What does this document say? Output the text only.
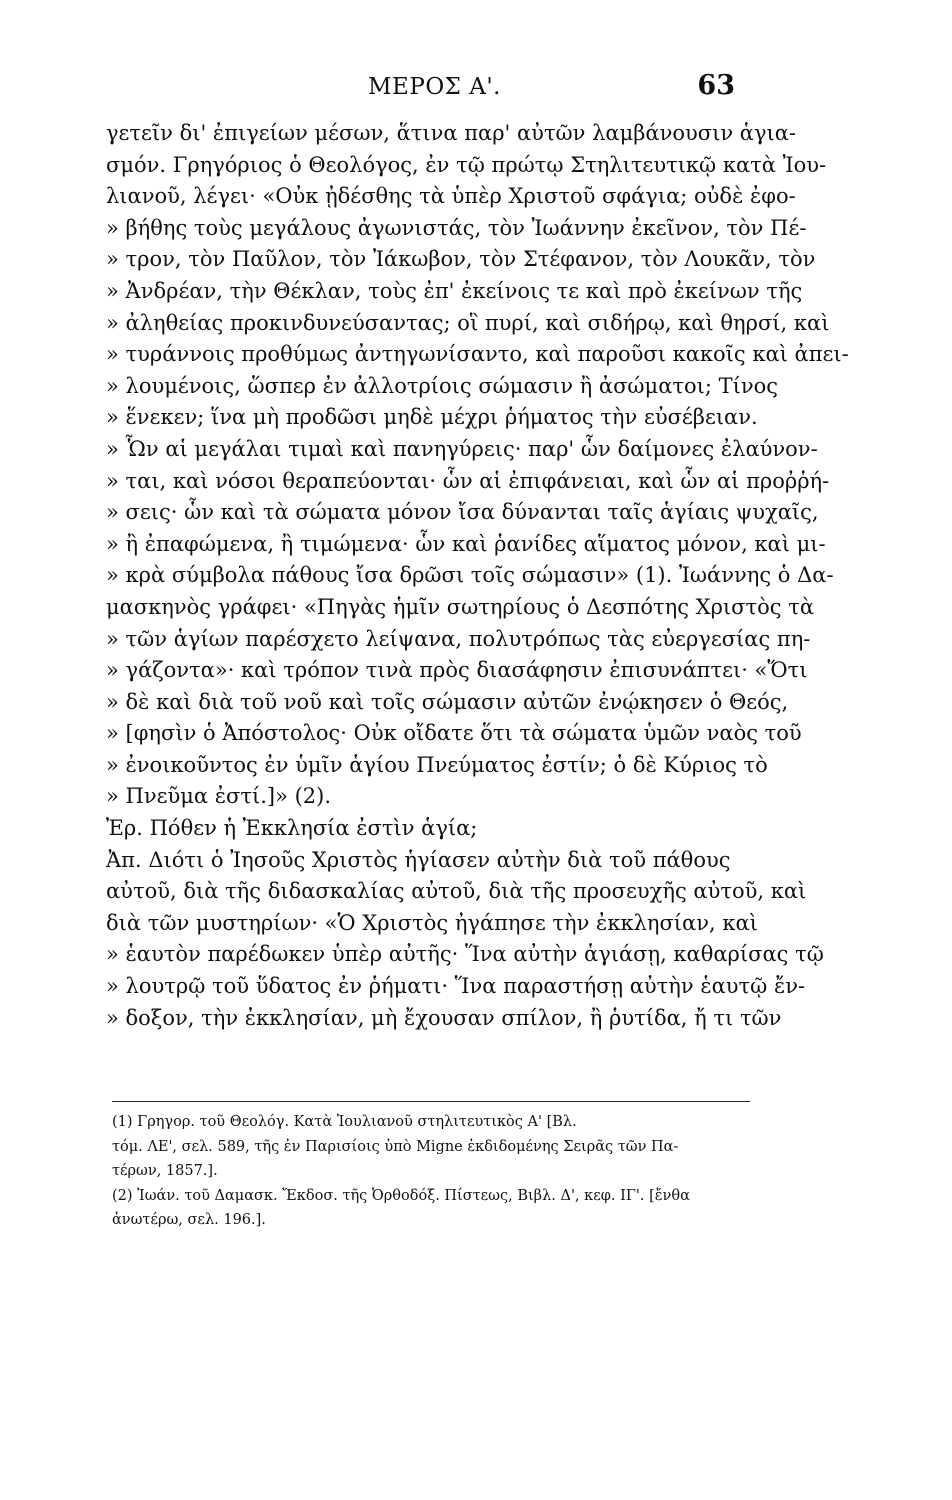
ΜΕΡΟΣ Α'.	63
γετεῖν δι' ἐπιγείων μέσων, ἅτινα παρ' αὐτῶν λαμβάνουσιν ἁγια-
σμόν. Γρηγόριος ὁ Θεολόγος, ἐν τῷ πρώτῳ Στηλιτευτικῷ κατὰ Ἰου-
λιανοῦ, λέγει· «Οὐκ ᾐδέσθης τὰ ὑπὲρ Χριστοῦ σφάγια; οὐδὲ ἐφο-
» βήθης τοὺς μεγάλους ἀγωνιστάς, τὸν Ἰωάννην ἐκεῖνον, τὸν Πέ-
» τρον, τὸν Παῦλον, τὸν Ἰάκωβον, τὸν Στέφανον, τὸν Λουκᾶν, τὸν
» Ἀνδρέαν, τὴν Θέκλαν, τοὺς ἐπ' ἐκείνοις τε καὶ πρὸ ἐκείνων τῆς
» ἀληθείας προκινδυνεύσαντας; οἳ πυρί, καὶ σιδήρῳ, καὶ θηρσί, καὶ
» τυράννοις προθύμως ἀντηγωνίσαντο, καὶ παροῦσι κακοῖς καὶ ἀπει-
» λουμένοις, ὥσπερ ἐν ἀλλοτρίοις σώμασιν ἢ ἀσώματοι; Τίνος
» ἕνεκεν; ἵνα μὴ προδῶσι μηδὲ μέχρι ῥήματος τὴν εὐσέβειαν.
» Ὧν αἱ μεγάλαι τιμαὶ καὶ πανηγύρεις· παρ' ὧν δαίμονες ἐλαύνον-
» ται, καὶ νόσοι θεραπεύονται· ὧν αἱ ἐπιφάνειαι, καὶ ὧν αἱ προῤῥή-
» σεις· ὧν καὶ τὰ σώματα μόνον ἴσα δύνανται ταῖς ἁγίαις ψυχαῖς,
» ἢ ἐπαφώμενα, ἢ τιμώμενα· ὧν καὶ ῥανίδες αἵματος μόνον, καὶ μι-
» κρὰ σύμβολα πάθους ἴσα δρῶσι τοῖς σώμασιν» (1). Ἰωάννης ὁ Δα-
μασκηνὸς γράφει· «Πηγὰς ἡμῖν σωτηρίους ὁ Δεσπότης Χριστὸς τὰ
» τῶν ἁγίων παρέσχετο λείψανα, πολυτρόπως τὰς εὐεργεσίας πη-
» γάζοντα»· καὶ τρόπον τινὰ πρὸς διασάφησιν ἐπισυνάπτει· «Ὅτι
» δὲ καὶ διὰ τοῦ νοῦ καὶ τοῖς σώμασιν αὐτῶν ἐνῴκησεν ὁ Θεός,
» [φησὶν ὁ Ἀπόστολος· Οὐκ οἴδατε ὅτι τὰ σώματα ὑμῶν ναὸς τοῦ
» ἐνοικοῦντος ἐν ὑμῖν ἁγίου Πνεύματος ἐστίν; ὁ δὲ Κύριος τὸ
» Πνεῦμα ἐστί.]» (2).
Ἐρ. Πόθεν ἡ Ἐκκλησία ἐστὶν ἁγία;
Ἀπ. Διότι ὁ Ἰησοῦς Χριστὸς ἡγίασεν αὐτὴν διὰ τοῦ πάθους
αὐτοῦ, διὰ τῆς διδασκαλίας αὐτοῦ, διὰ τῆς προσευχῆς αὐτοῦ, καὶ
διὰ τῶν μυστηρίων· «Ὁ Χριστὸς ἠγάπησε τὴν ἐκκλησίαν, καὶ
» ἑαυτὸν παρέδωκεν ὑπὲρ αὐτῆς· Ἵνα αὐτὴν ἁγιάσῃ, καθαρίσας τῷ
» λουτρῷ τοῦ ὕδατος ἐν ῥήματι· Ἵνα παραστήσῃ αὐτὴν ἑαυτῷ ἔν-
» δοξον, τὴν ἐκκλησίαν, μὴ ἔχουσαν σπίλον, ἢ ῥυτίδα, ἤ τι τῶν
(1) Γρηγορ. τοῦ Θεολόγ. Κατὰ Ἰουλιανοῦ στηλιτευτικὸς Α' [Βλ.
τόμ. ΛΕ', σελ. 589, τῆς ἐν Παρισίοις ὑπὸ Migne ἐκδιδομένης Σειρᾶς τῶν Πα-
τέρων, 1857.].
(2) Ἰωάν. τοῦ Δαμασκ. Ἔκδοσ. τῆς Ὀρθοδόξ. Πίστεως, Βιβλ. Δ', κεφ. ΙΓ'. [ἔνθα
ἀνωτέρω, σελ. 196.].
